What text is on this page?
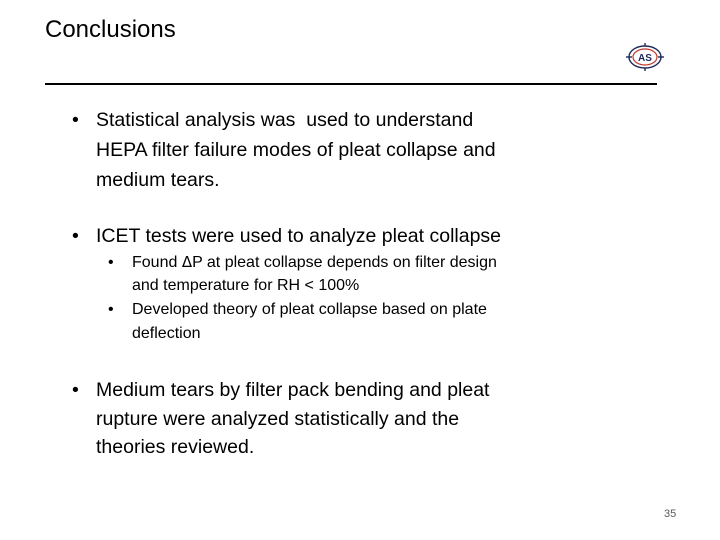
Conclusions
AS
• Statistical analysis was  used to understand
HEPA filter failure modes of pleat collapse and
medium tears.
• ICET tests were used to analyze pleat collapse
• Found ΔP at pleat collapse depends on filter design
and temperature for RH < 100%
• Developed theory of pleat collapse based on plate
deflection
• Medium tears by filter pack bending and pleat
rupture were analyzed statistically and the
theories reviewed.
35
